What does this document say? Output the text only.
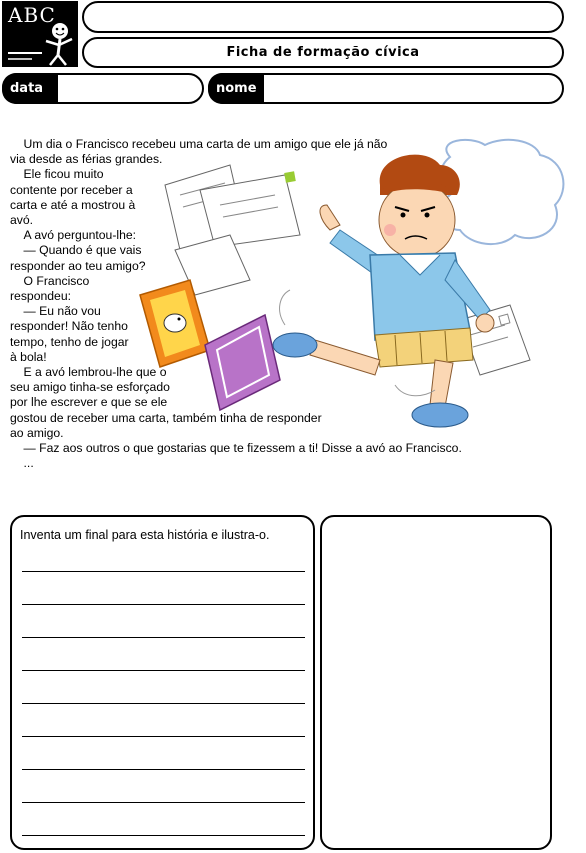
ABC
Ficha de formação cívica
data	nome

Um dia o Francisco recebeu uma carta de um amigo que ele já não

via desde as férias grandes.

Ele ficou muito

contente por receber a

carta e até a mostrou à

avó.

A avó perguntou-lhe:

— Quando é que vais

responder ao teu amigo?

O Francisco

respondeu:

— Eu não vou

responder! Não tenho

tempo, tenho de jogar

à bola!

E a avó lembrou-lhe que o

seu amigo tinha-se esforçado

por lhe escrever e que se ele

gostou de receber uma carta, também tinha de responder

ao amigo.

— Faz aos outros o que gostarias que te fizessem a ti! Disse a avó ao Francisco.

...

Inventa um final para esta história e ilustra-o.
